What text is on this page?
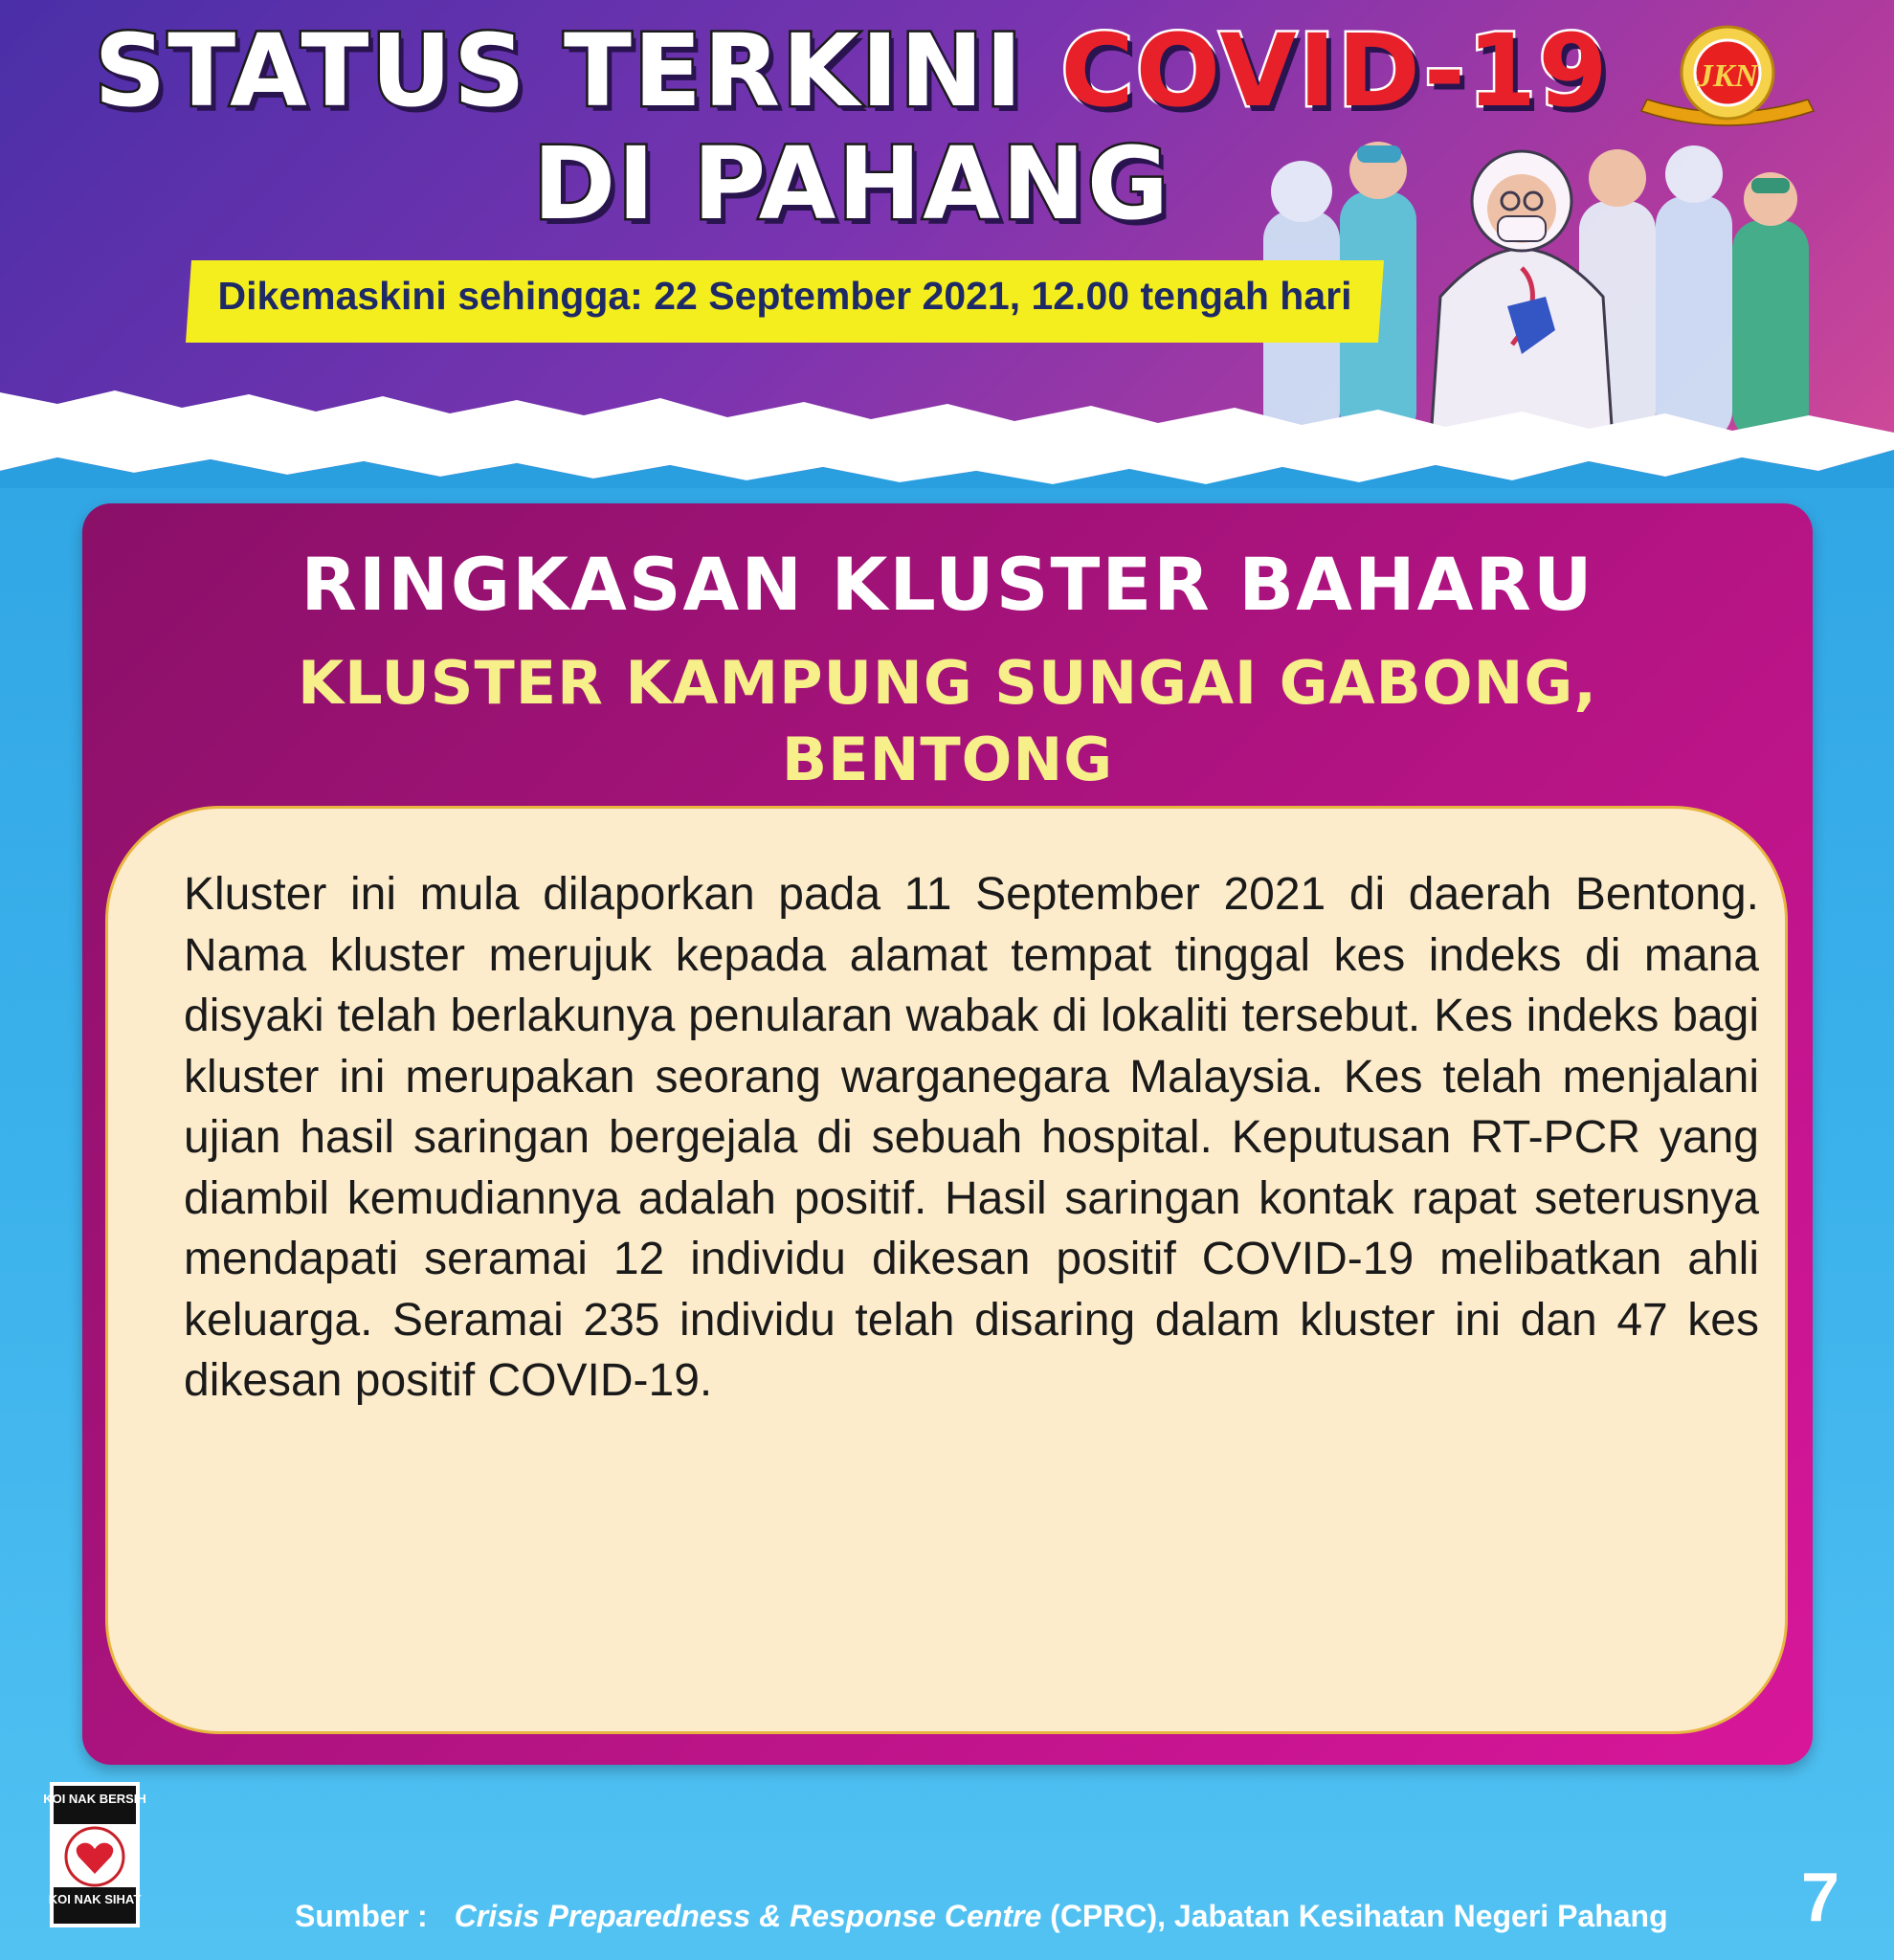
STATUS TERKINI COVID-19
DI PAHANG
Dikemaskini sehingga: 22 September 2021, 12.00 tengah hari
JKN
RINGKASAN KLUSTER BAHARU
KLUSTER KAMPUNG SUNGAI GABONG, BENTONG
Kluster ini mula dilaporkan pada 11 September 2021 di daerah Bentong. Nama kluster merujuk kepada alamat tempat tinggal kes indeks di mana disyaki telah berlakunya penularan wabak di lokaliti tersebut. Kes indeks bagi kluster ini merupakan seorang warganegara Malaysia. Kes telah menjalani ujian hasil saringan bergejala di sebuah hospital. Keputusan RT-PCR yang diambil kemudiannya adalah positif. Hasil saringan kontak rapat seterusnya mendapati seramai 12 individu dikesan positif COVID-19 melibatkan ahli keluarga. Seramai 235 individu telah disaring dalam kluster ini dan 47 kes dikesan positif COVID-19.
KOI NAK BERSIH
KOI NAK SIHAT	Sumber : Crisis Preparedness & Response Centre (CPRC), Jabatan Kesihatan Negeri Pahang 7
